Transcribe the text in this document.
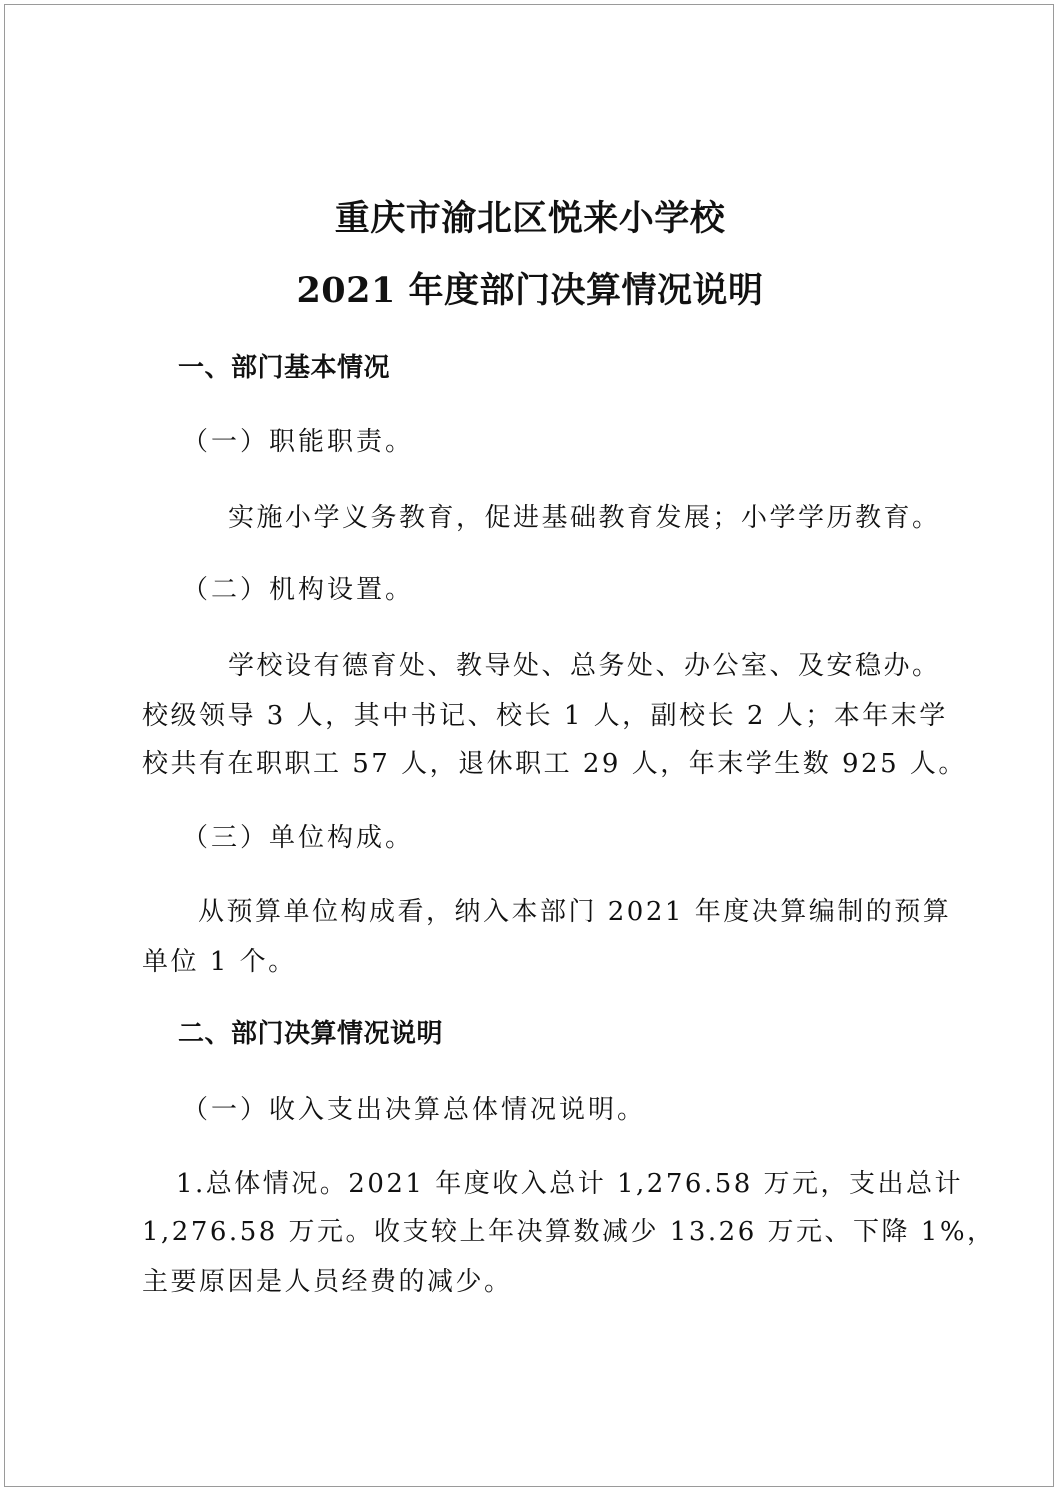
重庆市渝北区悦来小学校
2021 年度部门决算情况说明
一、部门基本情况
（一）职能职责。
实施小学义务教育，促进基础教育发展；小学学历教育。
（二）机构设置。
学校设有德育处、教导处、总务处、办公室、及安稳办。
校级领导 3 人，其中书记、校长 1 人，副校长 2 人；本年末学
校共有在职职工 57 人，退休职工 29 人，年末学生数 925 人。
（三）单位构成。
从预算单位构成看，纳入本部门 2021 年度决算编制的预算
单位 1 个。
二、部门决算情况说明
（一）收入支出决算总体情况说明。
1.总体情况。2021 年度收入总计 1,276.58 万元，支出总计
1,276.58 万元。收支较上年决算数减少 13.26 万元、下降 1%，
主要原因是人员经费的减少。
